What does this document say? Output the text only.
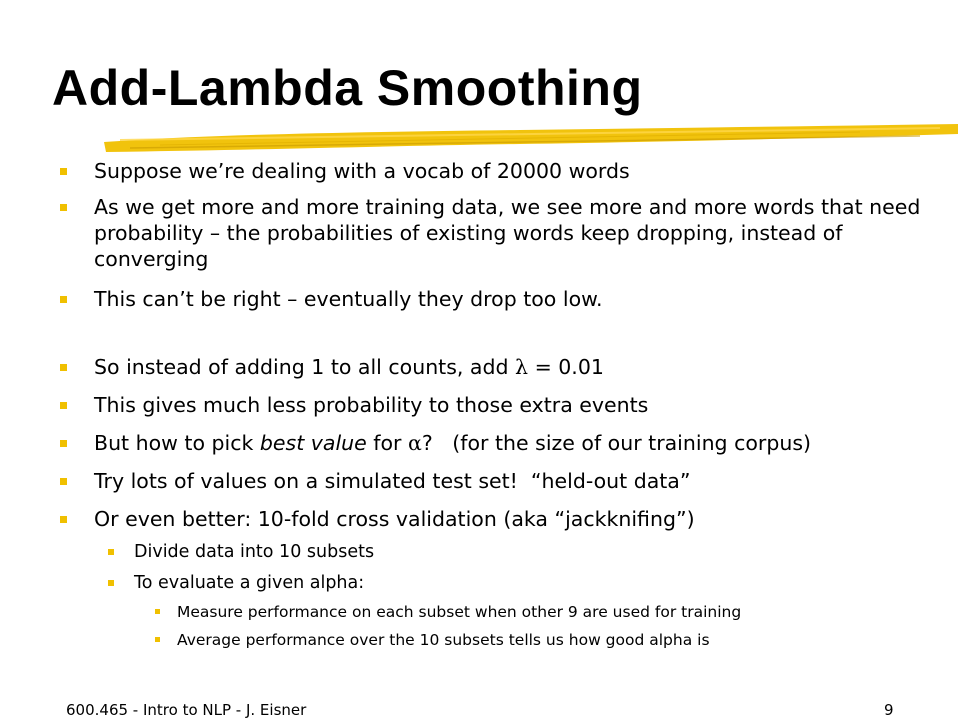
Add-Lambda Smoothing
Suppose we’re dealing with a vocab of 20000 words
As we get more and more training data, we see more and more words that need probability – the probabilities of existing words keep dropping, instead of converging
This can’t be right – eventually they drop too low.
So instead of adding 1 to all counts, add λ = 0.01
This gives much less probability to those extra events
But how to pick best value for α?   (for the size of our training corpus)
Try lots of values on a simulated test set!  “held-out data”
Or even better: 10-fold cross validation (aka “jackknifing”)
Divide data into 10 subsets
To evaluate a given alpha:
Measure performance on each subset when other 9 are used for training
Average performance over the 10 subsets tells us how good alpha is
600.465 - Intro to NLP - J. Eisner	9
